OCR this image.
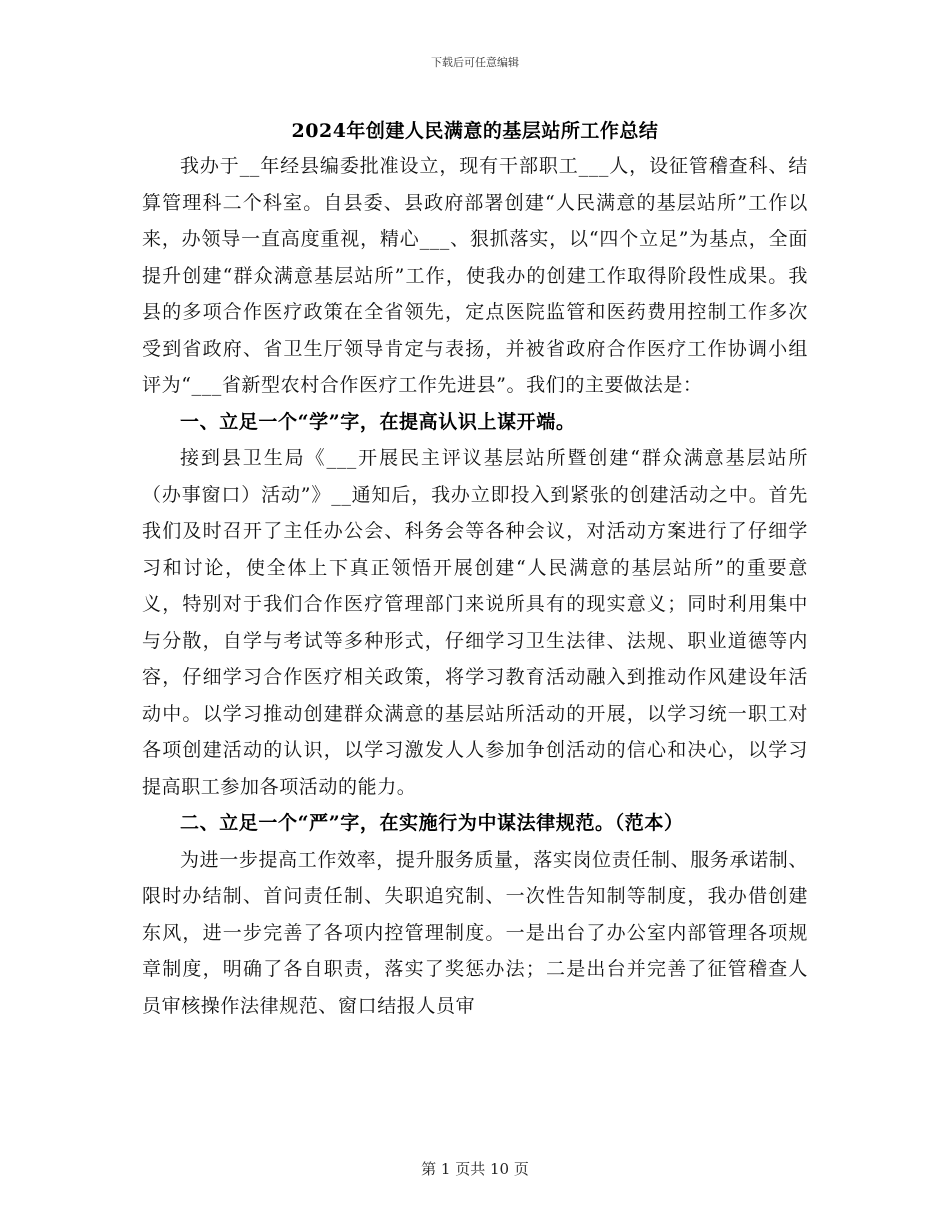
下载后可任意编辑
2024年创建人民满意的基层站所工作总结

我办于__年经县编委批准设立，现有干部职工___人，设征管稽查科、结算管理科二个科室。自县委、县政府部署创建“人民满意的基层站所”工作以来，办领导一直高度重视，精心___、狠抓落实，以“四个立足”为基点，全面提升创建“群众满意基层站所”工作，使我办的创建工作取得阶段性成果。我县的多项合作医疗政策在全省领先，定点医院监管和医药费用控制工作多次受到省政府、省卫生厅领导肯定与表扬，并被省政府合作医疗工作协调小组评为“___省新型农村合作医疗工作先进县”。我们的主要做法是：

一、立足一个“学”字，在提高认识上谋开端。

接到县卫生局《___开展民主评议基层站所暨创建“群众满意基层站所（办事窗口）活动”》__通知后，我办立即投入到紧张的创建活动之中。首先我们及时召开了主任办公会、科务会等各种会议，对活动方案进行了仔细学习和讨论，使全体上下真正领悟开展创建“人民满意的基层站所”的重要意义，特别对于我们合作医疗管理部门来说所具有的现实意义；同时利用集中与分散，自学与考试等多种形式，仔细学习卫生法律、法规、职业道德等内容，仔细学习合作医疗相关政策，将学习教育活动融入到推动作风建设年活动中。以学习推动创建群众满意的基层站所活动的开展，以学习统一职工对各项创建活动的认识，以学习激发人人参加争创活动的信心和决心，以学习提高职工参加各项活动的能力。

二、立足一个“严”字，在实施行为中谋法律规范。（范本）

为进一步提高工作效率，提升服务质量，落实岗位责任制、服务承诺制、限时办结制、首问责任制、失职追究制、一次性告知制等制度，我办借创建东风，进一步完善了各项内控管理制度。一是出台了办公室内部管理各项规章制度，明确了各自职责，落实了奖惩办法；二是出台并完善了征管稽查人员审核操作法律规范、窗口结报人员审

第 1 页共 10 页
